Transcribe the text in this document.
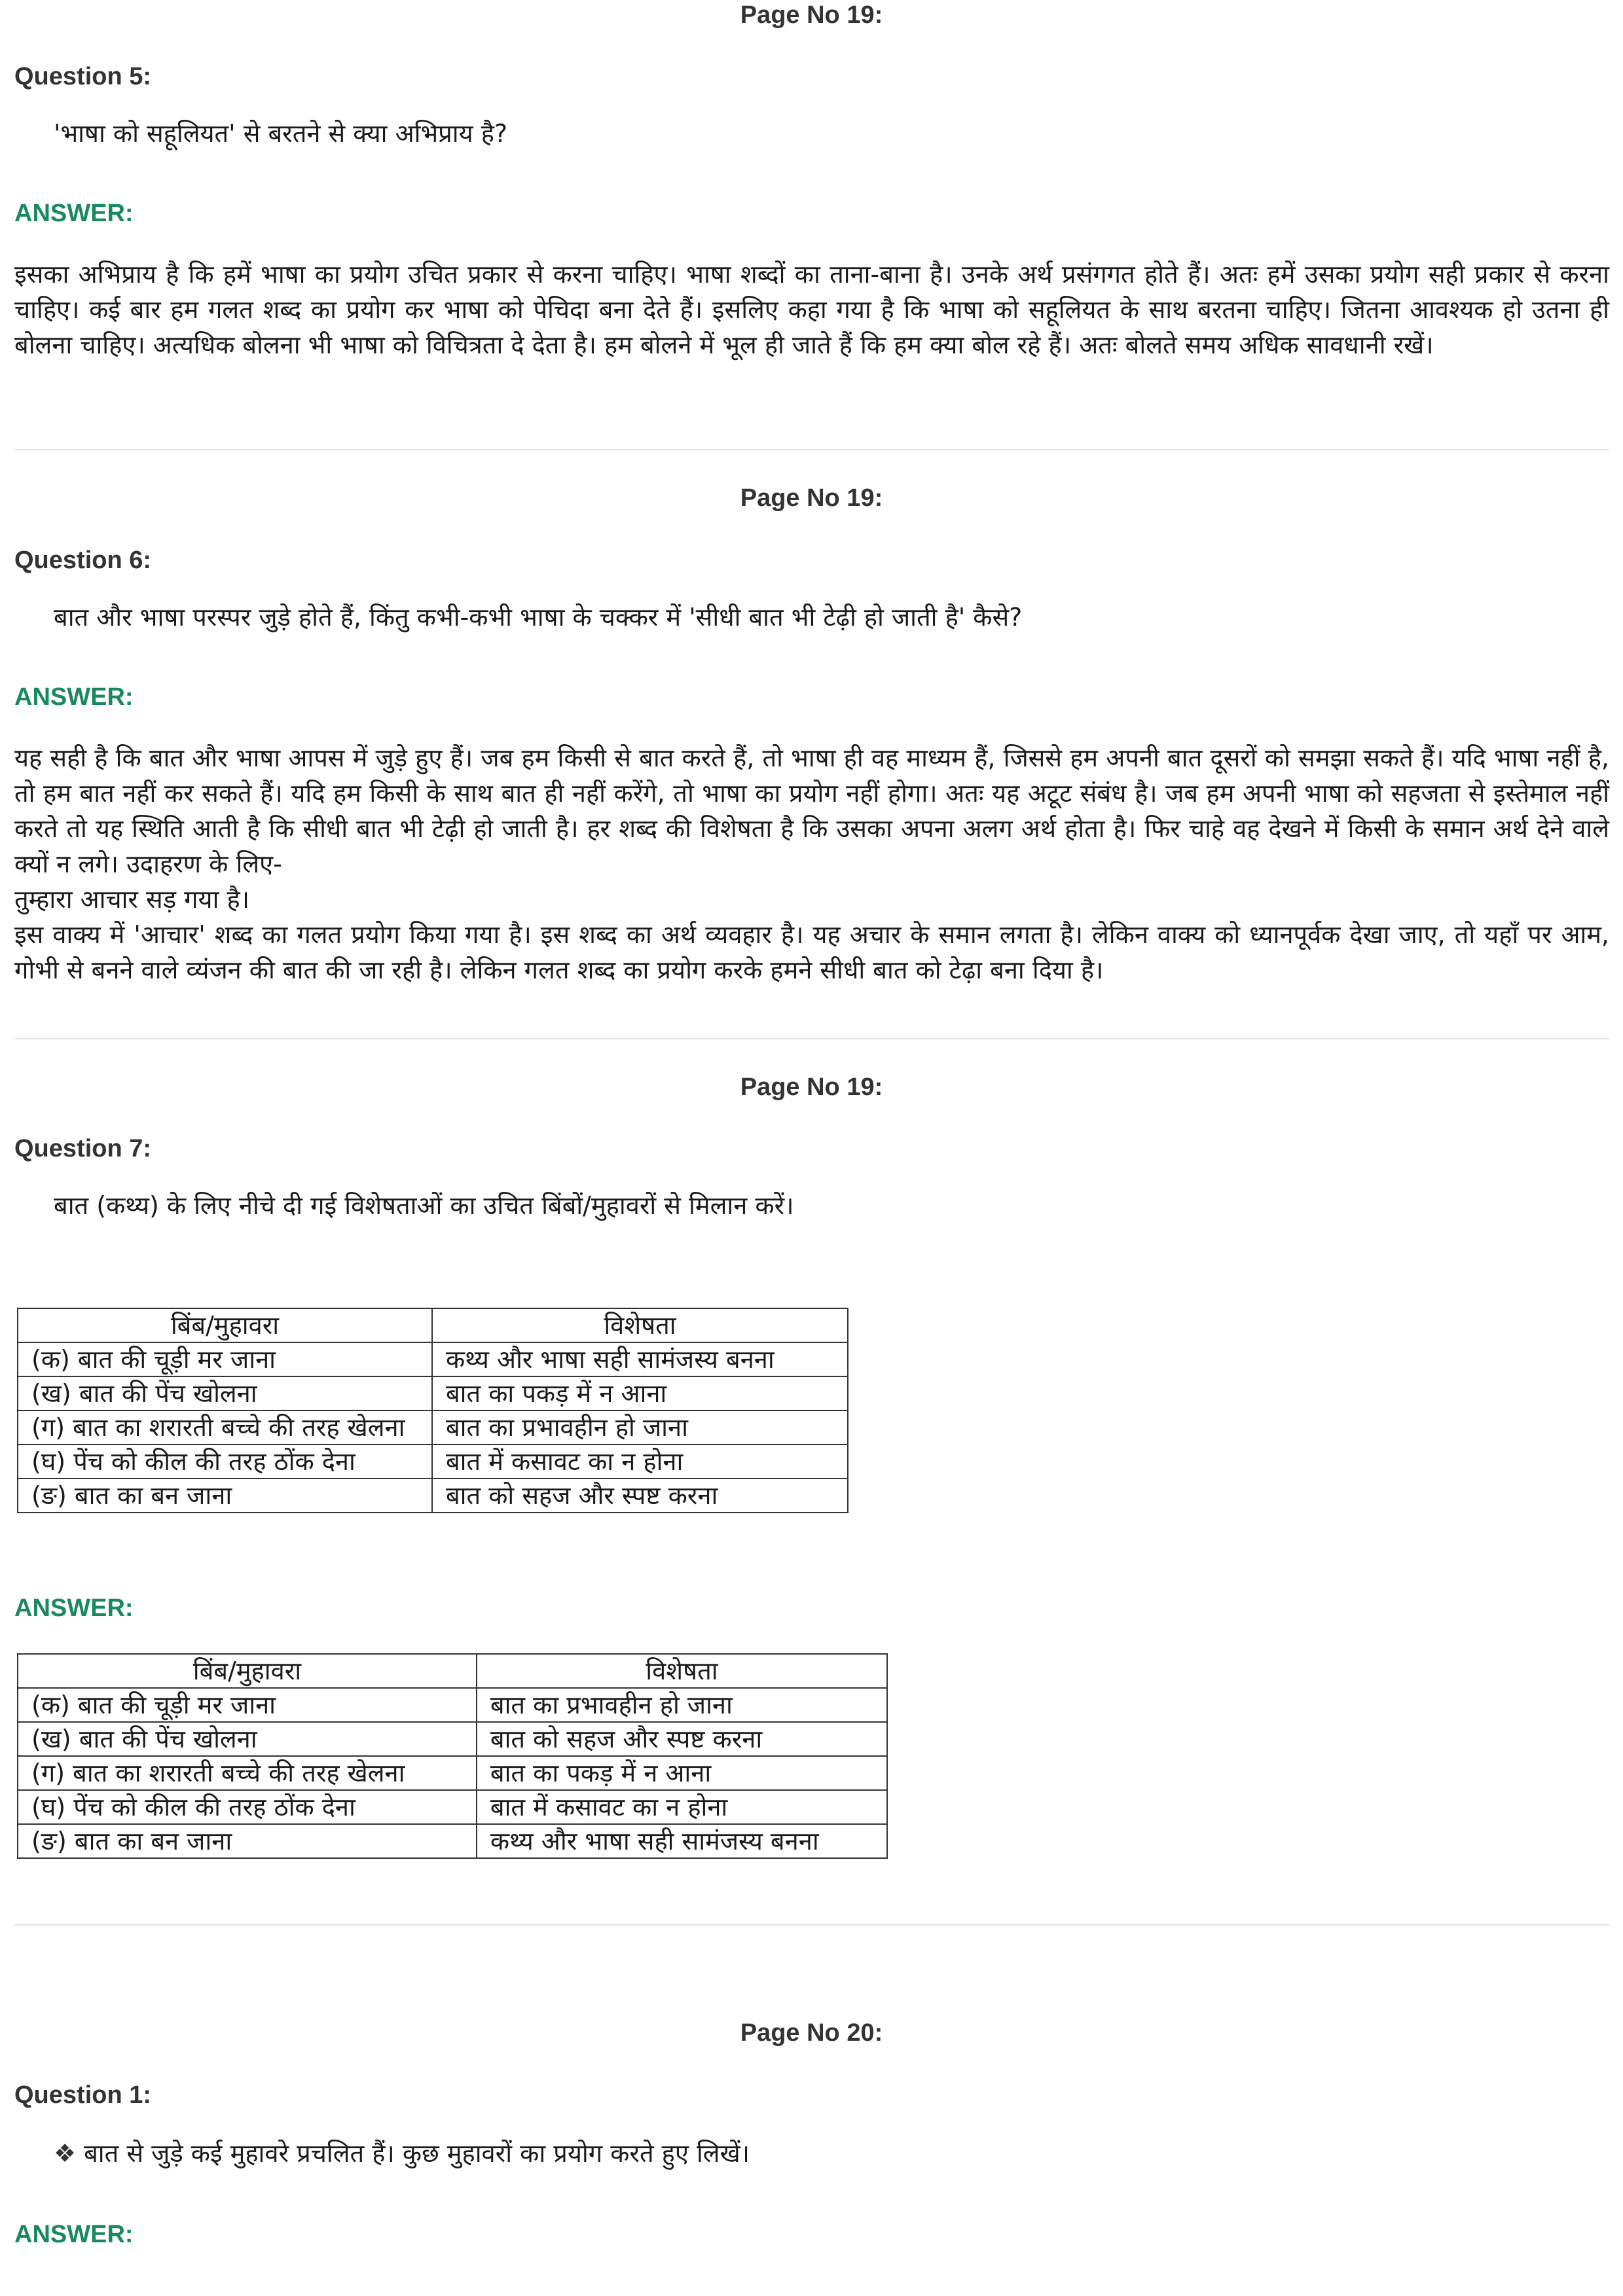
Page No 19:
Question 5:
'भाषा को सहूलियत' से बरतने से क्या अभिप्राय है?
ANSWER:
इसका अभिप्राय है कि हमें भाषा का प्रयोग उचित प्रकार से करना चाहिए। भाषा शब्दों का ताना-बाना है। उनके अर्थ प्रसंगगत होते हैं। अतः हमें उसका प्रयोग सही प्रकार से करना चाहिए। कई बार हम गलत शब्द का प्रयोग कर भाषा को पेचिदा बना देते हैं। इसलिए कहा गया है कि भाषा को सहूलियत के साथ बरतना चाहिए। जितना आवश्यक हो उतना ही बोलना चाहिए। अत्यधिक बोलना भी भाषा को विचित्रता दे देता है। हम बोलने में भूल ही जाते हैं कि हम क्या बोल रहे हैं। अतः बोलते समय अधिक सावधानी रखें।
Page No 19:
Question 6:
बात और भाषा परस्पर जुड़े होते हैं, किंतु कभी-कभी भाषा के चक्कर में 'सीधी बात भी टेढ़ी हो जाती है' कैसे?
ANSWER:

यह सही है कि बात और भाषा आपस में जुड़े हुए हैं। जब हम किसी से बात करते हैं, तो भाषा ही वह माध्यम हैं, जिससे हम अपनी बात दूसरों को समझा सकते हैं। यदि भाषा नहीं है, तो हम बात नहीं कर सकते हैं। यदि हम किसी के साथ बात ही नहीं करेंगे, तो भाषा का प्रयोग नहीं होगा। अतः यह अटूट संबंध है। जब हम अपनी भाषा को सहजता से इस्तेमाल नहीं करते तो यह स्थिति आती है कि सीधी बात भी टेढ़ी हो जाती है। हर शब्द की विशेषता है कि उसका अपना अलग अर्थ होता है। फिर चाहे वह देखने में किसी के समान अर्थ देने वाले क्यों न लगे। उदाहरण के लिए-

तुम्हारा आचार सड़ गया है।

इस वाक्य में 'आचार' शब्द का गलत प्रयोग किया गया है। इस शब्द का अर्थ व्यवहार है। यह अचार के समान लगता है। लेकिन वाक्य को ध्यानपूर्वक देखा जाए, तो यहाँ पर आम, गोभी से बनने वाले व्यंजन की बात की जा रही है। लेकिन गलत शब्द का प्रयोग करके हमने सीधी बात को टेढ़ा बना दिया है।

Page No 19:
Question 7:
बात (कथ्य) के लिए नीचे दी गई विशेषताओं का उचित बिंबों/मुहावरों से मिलान करें।
बिंब/मुहावरा	विशेषता
(क) बात की चूड़ी मर जाना	कथ्य और भाषा सही सामंजस्य बनना
(ख) बात की पेंच खोलना	बात का पकड़ में न आना
(ग) बात का शरारती बच्चे की तरह खेलना	बात का प्रभावहीन हो जाना
(घ) पेंच को कील की तरह ठोंक देना	बात में कसावट का न होना
(ङ) बात का बन जाना	बात को सहज और स्पष्ट करना
ANSWER:
बिंब/मुहावरा	विशेषता
(क) बात की चूड़ी मर जाना	बात का प्रभावहीन हो जाना
(ख) बात की पेंच खोलना	बात को सहज और स्पष्ट करना
(ग) बात का शरारती बच्चे की तरह खेलना	बात का पकड़ में न आना
(घ) पेंच को कील की तरह ठोंक देना	बात में कसावट का न होना
(ङ) बात का बन जाना	कथ्य और भाषा सही सामंजस्य बनना
Page No 20:
Question 1:
❖ बात से जुड़े कई मुहावरे प्रचलित हैं। कुछ मुहावरों का प्रयोग करते हुए लिखें।
ANSWER:
